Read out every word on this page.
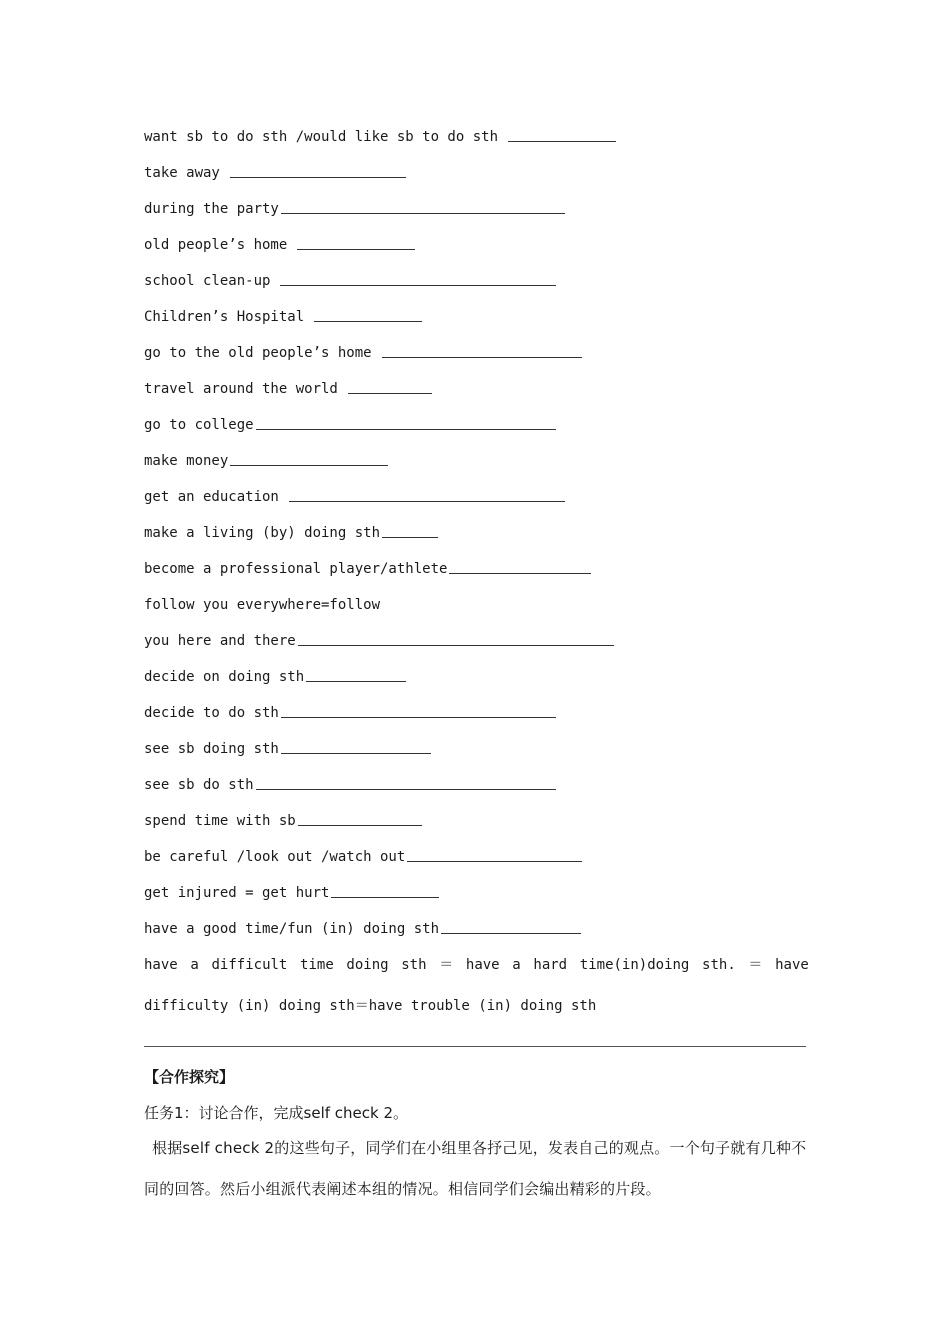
want sb to do sth /would like sb to do sth
take away
during the party
old people’s home
school clean-up
Children’s Hospital
go to the old people’s home
travel around the world
go to college
make money
get an education
make a living (by) doing sth
become a professional player/athlete
follow you everywhere=follow
you here and there
decide on doing sth
decide to do sth
see sb doing sth
see sb do sth
spend time with sb
be careful /look out /watch out
get injured = get hurt
have a good time/fun (in) doing sth
have a difficult time doing sth ＝ have a hard time(in)doing sth. ＝ have
difficulty (in) doing sth＝have trouble (in) doing sth
【合作探究】
任务1：讨论合作，完成self check 2。
根据self check 2的这些句子，同学们在小组里各抒己见，发表自己的观点。一个句子就有几种不同的回答。然后小组派代表阐述本组的情况。相信同学们会编出精彩的片段。
